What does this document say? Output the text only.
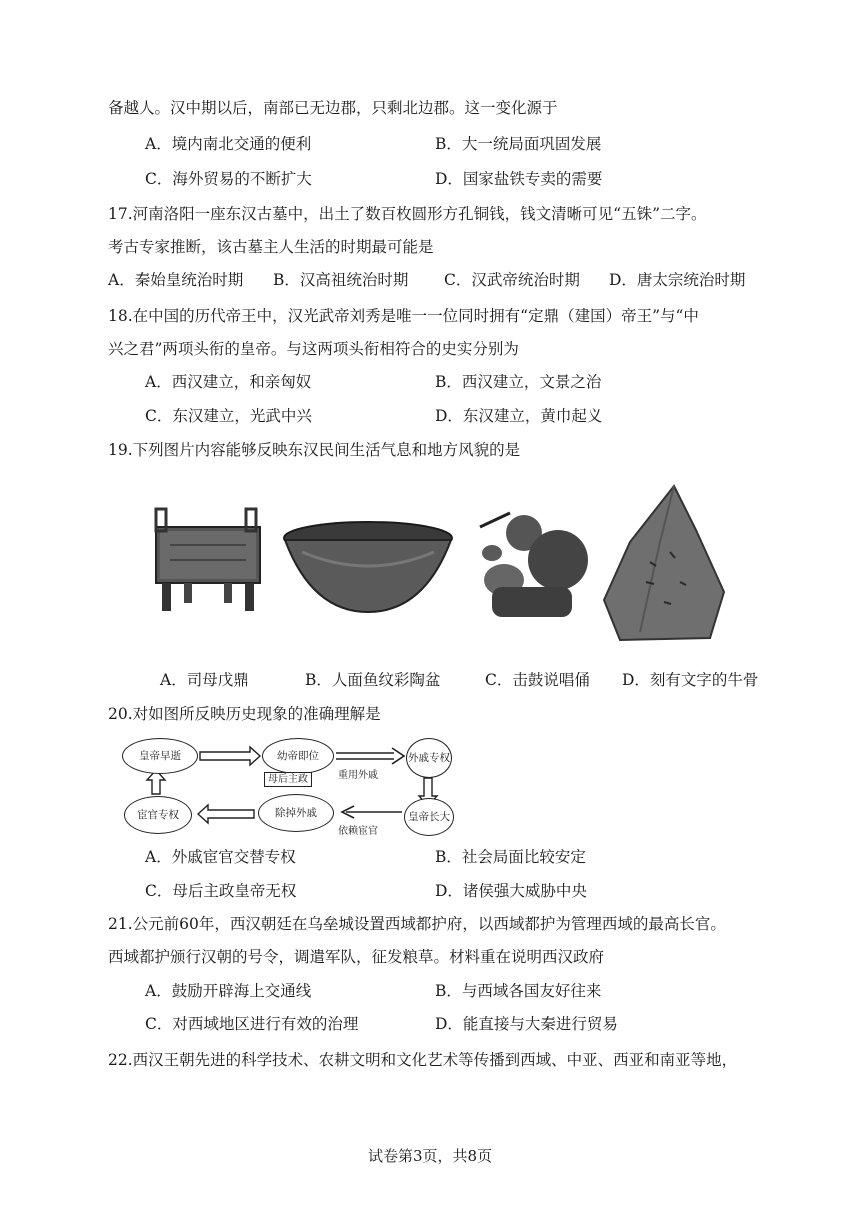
备越人。汉中期以后，南部已无边郡，只剩北边郡。这一变化源于
A．境内南北交通的便利	B．大一统局面巩固发展
C．海外贸易的不断扩大	D．国家盐铁专卖的需要
17.河南洛阳一座东汉古墓中，出土了数百枚圆形方孔铜钱，钱文清晰可见“五铢”二字。
考古专家推断，该古墓主人生活的时期最可能是
A．秦始皇统治时期 B．汉高祖统治时期 C．汉武帝统治时期 D．唐太宗统治时期
18.在中国的历代帝王中，汉光武帝刘秀是唯一一位同时拥有“定鼎（建国）帝王”与“中
兴之君”两项头衔的皇帝。与这两项头衔相符合的史实分别为
A．西汉建立，和亲匈奴	B．西汉建立，文景之治
C．东汉建立，光武中兴	D．东汉建立，黄巾起义
19.下列图片内容能够反映东汉民间生活气息和地方风貌的是
A．司母戊鼎	B．人面鱼纹彩陶盆	C．击鼓说唱俑 D．刻有文字的牛骨
20.对如图所反映历史现象的准确理解是
皇帝早逝	幼帝即位
母后主政
外戚专权
重用外戚
皇帝长大
除掉外戚
依赖宦官
宦官专权
A．外戚宦官交替专权	B．社会局面比较安定
C．母后主政皇帝无权	D．诸侯强大威胁中央
21.公元前60年，西汉朝廷在乌垒城设置西域都护府，以西域都护为管理西域的最高长官。
西域都护颁行汉朝的号令，调遣军队，征发粮草。材料重在说明西汉政府
A．鼓励开辟海上交通线	B．与西域各国友好往来
C．对西域地区进行有效的治理	D．能直接与大秦进行贸易
22.西汉王朝先进的科学技术、农耕文明和文化艺术等传播到西域、中亚、西亚和南亚等地，
试卷第3页，共8页
